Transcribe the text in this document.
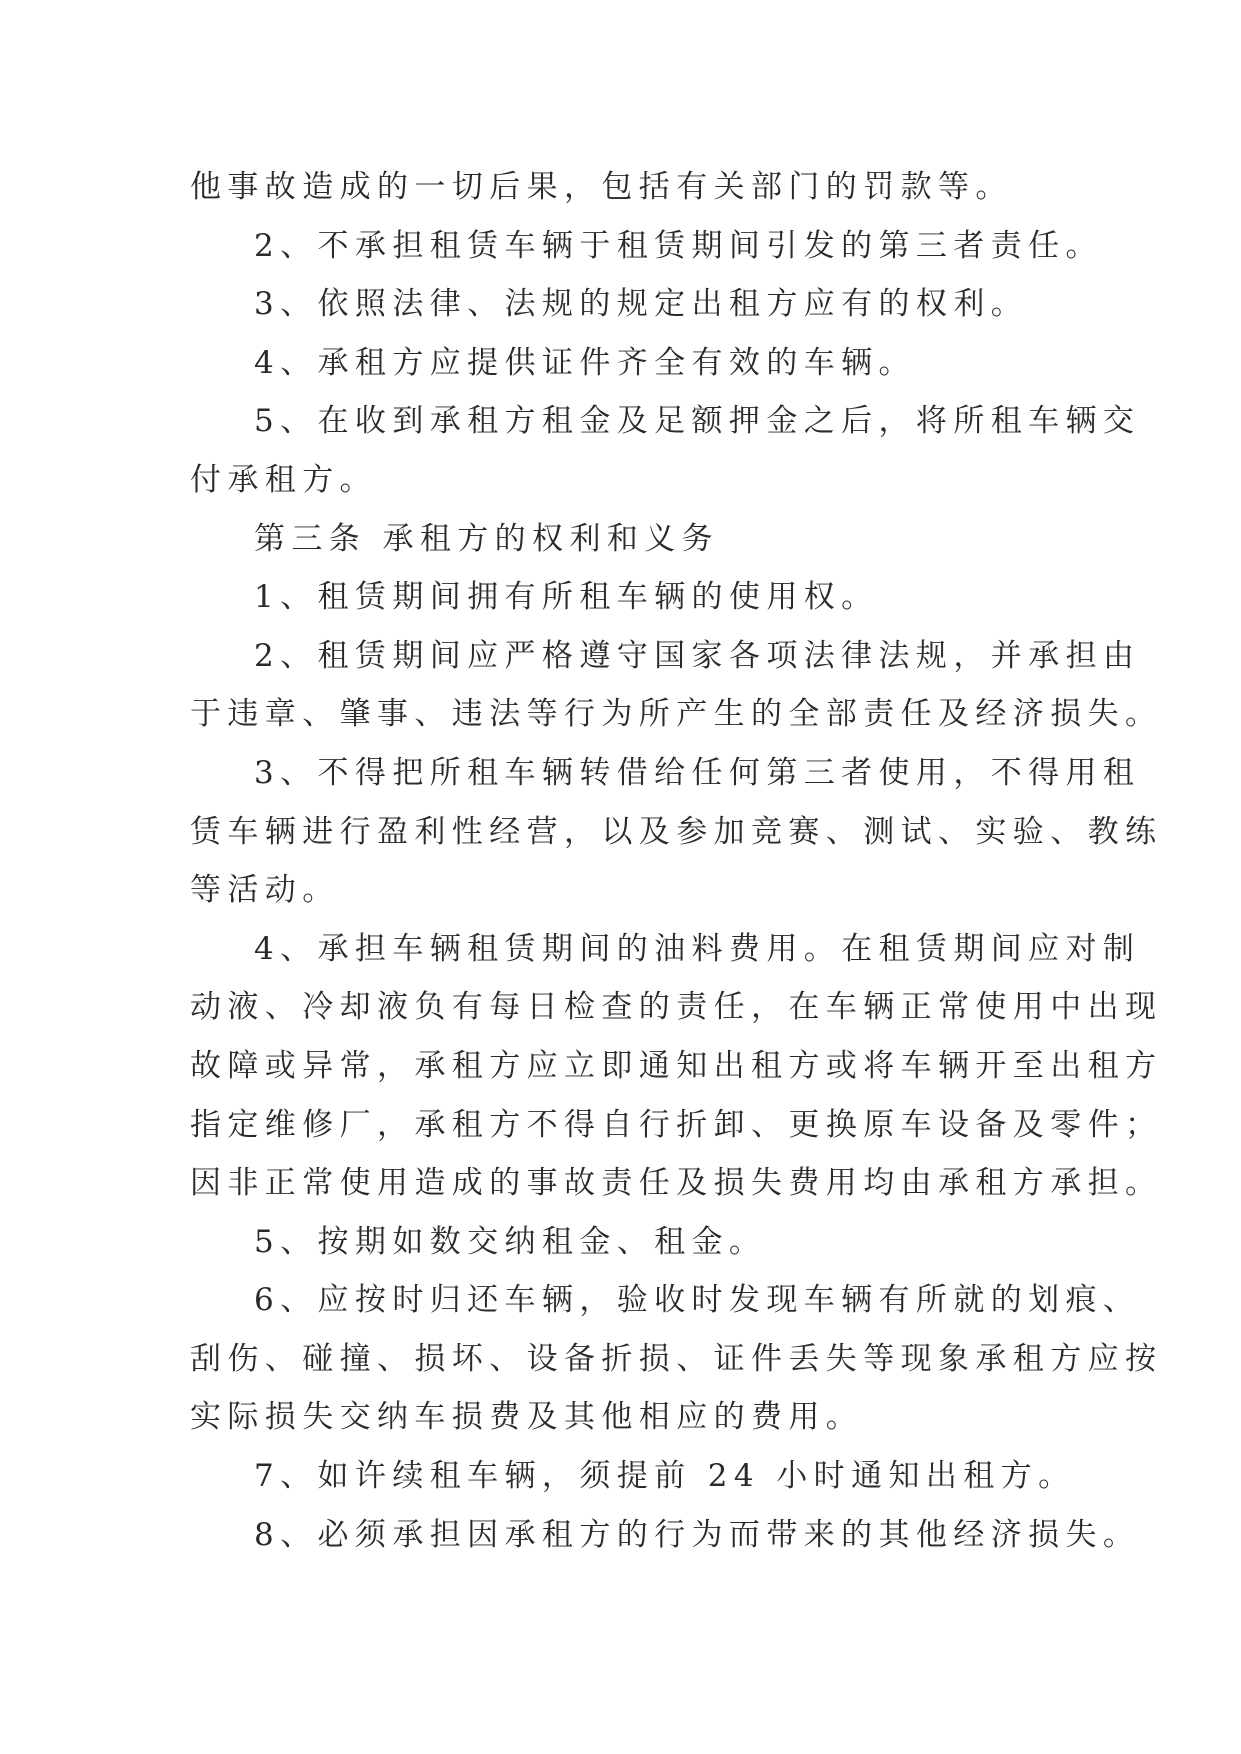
他事故造成的一切后果，包括有关部门的罚款等。

2、不承担租赁车辆于租赁期间引发的第三者责任。

3、依照法律、法规的规定出租方应有的权利。

4、承租方应提供证件齐全有效的车辆。

5、在收到承租方租金及足额押金之后，将所租车辆交

付承租方。

第三条 承租方的权利和义务

1、租赁期间拥有所租车辆的使用权。

2、租赁期间应严格遵守国家各项法律法规，并承担由

于违章、肇事、违法等行为所产生的全部责任及经济损失。

3、不得把所租车辆转借给任何第三者使用，不得用租

赁车辆进行盈利性经营，以及参加竞赛、测试、实验、教练

等活动。

4、承担车辆租赁期间的油料费用。在租赁期间应对制

动液、冷却液负有每日检查的责任，在车辆正常使用中出现

故障或异常，承租方应立即通知出租方或将车辆开至出租方

指定维修厂，承租方不得自行折卸、更换原车设备及零件；

因非正常使用造成的事故责任及损失费用均由承租方承担。

5、按期如数交纳租金、租金。

6、应按时归还车辆，验收时发现车辆有所就的划痕、

刮伤、碰撞、损坏、设备折损、证件丢失等现象承租方应按

实际损失交纳车损费及其他相应的费用。

7、如许续租车辆，须提前 24 小时通知出租方。

8、必须承担因承租方的行为而带来的其他经济损失。
